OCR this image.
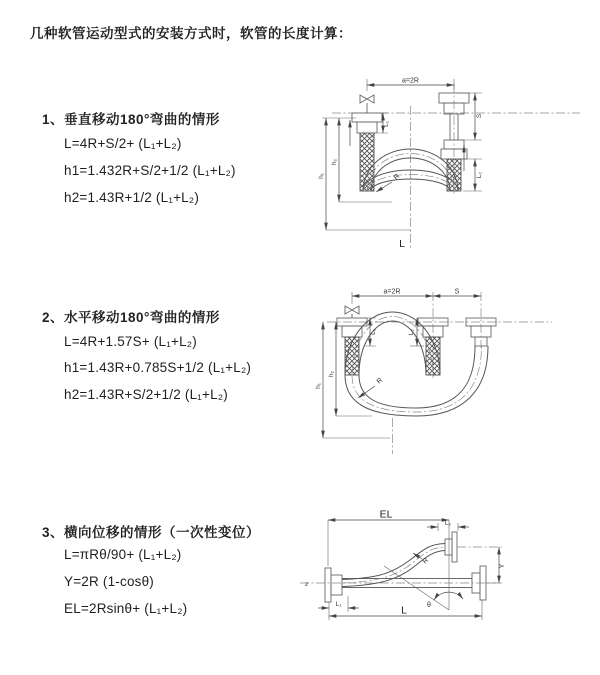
几种软管运动型式的安装方式时，软管的长度计算：
1、垂直移动180°弯曲的情形
L=4R+S/2+ (L₁+L₂)
h1=1.432R+S/2+1/2 (L₁+L₂)
h2=1.43R+1/2 (L₁+L₂)
2、水平移动180°弯曲的情形
L=4R+1.57S+ (L₁+L₂)
h1=1.43R+0.785S+1/2 (L₁+L₂)
h2=1.43R+S/2+1/2 (L₁+L₂)
3、横向位移的情形（一次性变位）
L=πRθ/90+ (L₁+L₂)
Y=2R (1-cosθ)
EL=2Rsinθ+ (L₁+L₂)
a=2R
h₁
h₂
L₁
S
L₂
R
L
a=2R	S
h₁
h₂
L₁	L₂
R
EL
L₂
Y
z
R
θ
L
L₁
